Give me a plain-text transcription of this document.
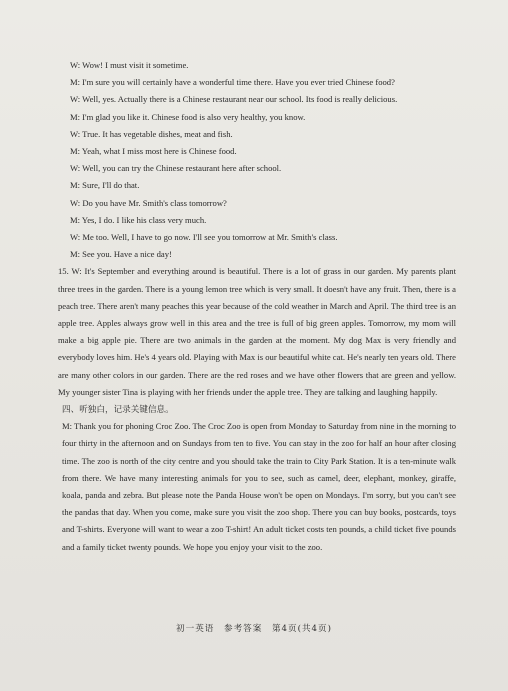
W: Wow! I must visit it sometime.

M: I'm sure you will certainly have a wonderful time there. Have you ever tried Chinese food?

W: Well, yes. Actually there is a Chinese restaurant near our school. Its food is really delicious.

M: I'm glad you like it. Chinese food is also very healthy, you know.

W: True. It has vegetable dishes, meat and fish.

M: Yeah, what I miss most here is Chinese food.

W: Well, you can try the Chinese restaurant here after school.

M: Sure, I'll do that.

W: Do you have Mr. Smith's class tomorrow?

M: Yes, I do. I like his class very much.

W: Me too. Well, I have to go now. I'll see you tomorrow at Mr. Smith's class.

M: See you. Have a nice day!

15. W: It's September and everything around is beautiful. There is a lot of grass in our garden. My parents plant three trees in the garden. There is a young lemon tree which is very small. It doesn't have any fruit. Then, there is a peach tree. There aren't many peaches this year because of the cold weather in March and April. The third tree is an apple tree. Apples always grow well in this area and the tree is full of big green apples. Tomorrow, my mom will make a big apple pie. There are two animals in the garden at the moment. My dog Max is very friendly and everybody loves him. He's 4 years old. Playing with Max is our beautiful white cat. He's nearly ten years old. There are many other colors in our garden. There are the red roses and we have other flowers that are green and yellow. My younger sister Tina is playing with her friends under the apple tree. They are talking and laughing happily.

四、听独白，记录关键信息。

M: Thank you for phoning Croc Zoo. The Croc Zoo is open from Monday to Saturday from nine in the morning to four thirty in the afternoon and on Sundays from ten to five. You can stay in the zoo for half an hour after closing time. The zoo is north of the city centre and you should take the train to City Park Station. It is a ten-minute walk from there. We have many interesting animals for you to see, such as camel, deer, elephant, monkey, giraffe, koala, panda and zebra. But please note the Panda House won't be open on Mondays. I'm sorry, but you can't see the pandas that day. When you come, make sure you visit the zoo shop. There you can buy books, postcards, toys and T-shirts. Everyone will want to wear a zoo T-shirt! An adult ticket costs ten pounds, a child ticket five pounds and a family ticket twenty pounds. We hope you enjoy your visit to the zoo.

初一英语　参考答案　第4页(共4页)
